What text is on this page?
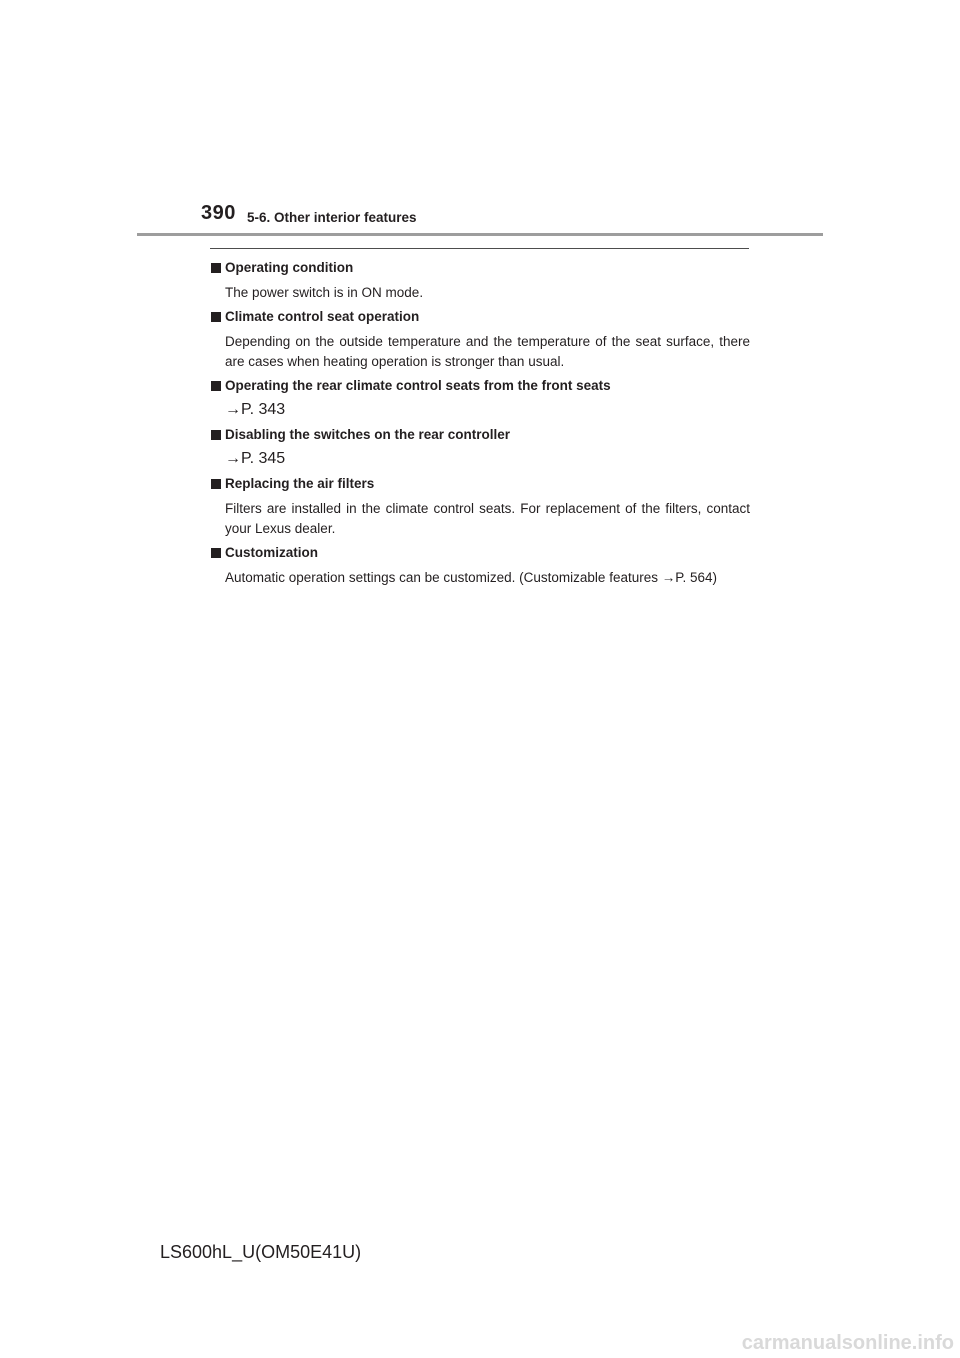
390 5-6. Other interior features
Operating condition
The power switch is in ON mode.
Climate control seat operation
Depending on the outside temperature and the temperature of the seat surface, there are cases when heating operation is stronger than usual.
Operating the rear climate control seats from the front seats
→P. 343
Disabling the switches on the rear controller
→P. 345
Replacing the air filters
Filters are installed in the climate control seats. For replacement of the filters, contact your Lexus dealer.
Customization
Automatic operation settings can be customized. (Customizable features →P. 564)
LS600hL_U(OM50E41U)
carmanualsonline.info
